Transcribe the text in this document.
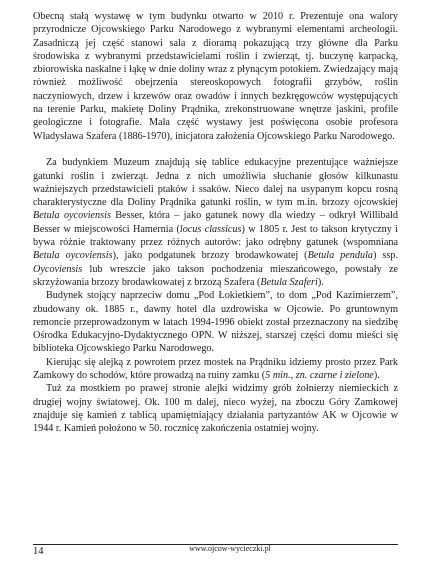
Obecną stałą wystawę w tym budynku otwarto w 2010 r. Prezentuje ona walory przyrodnicze Ojcowskiego Parku Narodowego z wybranymi elementami archeologii. Zasadniczą jej część stanowi sala z dioramą pokazującą trzy główne dla Parku środowiska z wybranymi przedstawicielami roślin i zwierząt, tj. buczynę karpacką, zbiorowiska naskalne i łąkę w dnie doliny wraz z płynącym potokiem. Zwiedzający mają również możliwość obejrzenia stereoskopowych fotografii grzybów, roślin naczyniowych, drzew i krzewów oraz owadów i innych bezkręgowców występujących na terenie Parku, makietę Doliny Prądnika, zrekonstruowane wnętrze jaskini, profile geologiczne i fotografie. Mała część wystawy jest poświęcona osobie profesora Władysława Szafera (1886-1970), inicjatora założenia Ojcowskiego Parku Narodowego.

Za budynkiem Muzeum znajdują się tablice edukacyjne prezentujące ważniejsze gatunki roślin i zwierząt. Jedna z nich umożliwia słuchanie głosów kilkunastu ważniejszych przedstawicieli ptaków i ssaków. Nieco dalej na usypanym kopcu rosną charakterystyczne dla Doliny Prądnika gatunki roślin, w tym m.in. brzozy ojcowskiej Betula oycoviensis Besser, która – jako gatunek nowy dla wiedzy – odkrył Willibald Besser w miejscowości Hamernia (locus classicus) w 1805 r. Jest to takson krytyczny i bywa różnie traktowany przez różnych autorów: jako odrębny gatunek (wspomniana Betula oycoviensis), jako podgatunek brzozy brodawkowatej (Betula pendula) ssp. Oycoviensis lub wreszcie jako takson pochodzenia mieszańcowego, powstały ze skrzyżowania brzozy brodawkowatej z brzozą Szafera (Betula Szaferi).

Budynek stojący naprzeciw domu „Pod Łokietkiem”, to dom „Pod Kazimierzem”, zbudowany ok. 1885 r., dawny hotel dla uzdrowiska w Ojcowie. Po gruntownym remoncie przeprowadzonym w latach 1994-1996 obiekt został przeznaczony na siedzibę Ośrodka Edukacyjno-Dydaktycznego OPN. W niższej, starszej części domu mieści się biblioteka Ojcowskiego Parku Narodowego.

Kierując się alejką z powrotem przez mostek na Prądniku idziemy prosto przez Park Zamkowy do schodów, które prowadzą na ruiny zamku (5 min., zn. czarne i zielone).

Tuż za mostkiem po prawej stronie alejki widzimy grób żołnierzy niemieckich z drugiej wojny światowej. Ok. 100 m dalej, nieco wyżej, na zboczu Góry Zamkowej znajduje się kamień z tablicą upamiętniający działania partyzantów AK w Ojcowie w 1944 r. Kamień położono w 50. rocznicę zakończenia ostatniej wojny.

14	www.ojcow-wycieczki.pl
